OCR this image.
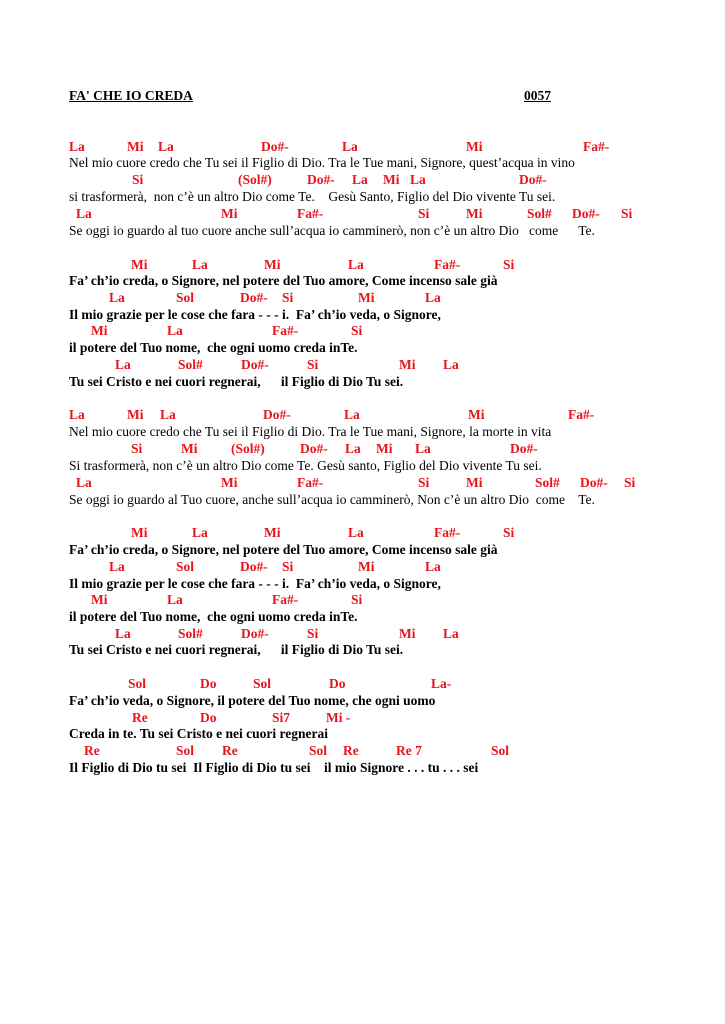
FA' CHE IO CREDA	0057
La	Mi La	Do#-	La	Mi	Fa#-
Nel mio cuore credo che Tu sei il Figlio di Dio. Tra le Tue mani, Signore, quest’acqua in vino
Si	(Sol#)	Do#- La Mi La	Do#-
si trasformerà,  non c’è un altro Dio come Te.    Gesù Santo, Figlio del Dio vivente Tu sei.
La	Mi	Fa#-	Si	Mi	Sol# Do#- Si
Se oggi io guardo al tuo cuore anche sull’acqua io camminerò, non c’è un altro Dio   come      Te.
Mi	La	Mi	La	Fa#-	Si
Fa’ ch’io creda, o Signore, nel potere del Tuo amore, Come incenso sale già
La	Sol	Do#- Si	Mi	La
Il mio grazie per le cose che fara - - - i.  Fa’ ch’io veda, o Signore,
Mi	La	Fa#-	Si
il potere del Tuo nome,  che ogni uomo creda inTe.
La	Sol#	Do#-	Si	Mi La
Tu sei Cristo e nei cuori regnerai,      il Figlio di Dio Tu sei.
La	Mi La	Do#-	La	Mi	Fa#-
Nel mio cuore credo che Tu sei il Figlio di Dio. Tra le Tue mani, Signore, la morte in vita
Si	Mi (Sol#)	Do#- La Mi La	Do#-
Si trasformerà, non c’è un altro Dio come Te. Gesù santo, Figlio del Dio vivente Tu sei.
La	Mi	Fa#-	Si	Mi	Sol# Do#- Si
Se oggi io guardo al Tuo cuore, anche sull’acqua io camminerò, Non c’è un altro Dio  come    Te.
Mi	La	Mi	La	Fa#-	Si
Fa’ ch’io creda, o Signore, nel potere del Tuo amore, Come incenso sale già
La	Sol	Do#- Si	Mi	La
Il mio grazie per le cose che fara - - - i.  Fa’ ch’io veda, o Signore,
Mi	La	Fa#-	Si
il potere del Tuo nome,  che ogni uomo creda inTe.
La	Sol#	Do#-	Si	Mi La
Tu sei Cristo e nei cuori regnerai,      il Figlio di Dio Tu sei.
Sol	Do	Sol	Do	La-
Fa’ ch’io veda, o Signore, il potere del Tuo nome, che ogni uomo
Re	Do	Si7	Mi -
Creda in te. Tu sei Cristo e nei cuori regnerai
Re	Sol Re	Sol Re	Re 7	Sol
Il Figlio di Dio tu sei  Il Figlio di Dio tu sei    il mio Signore . . . tu . . . sei
